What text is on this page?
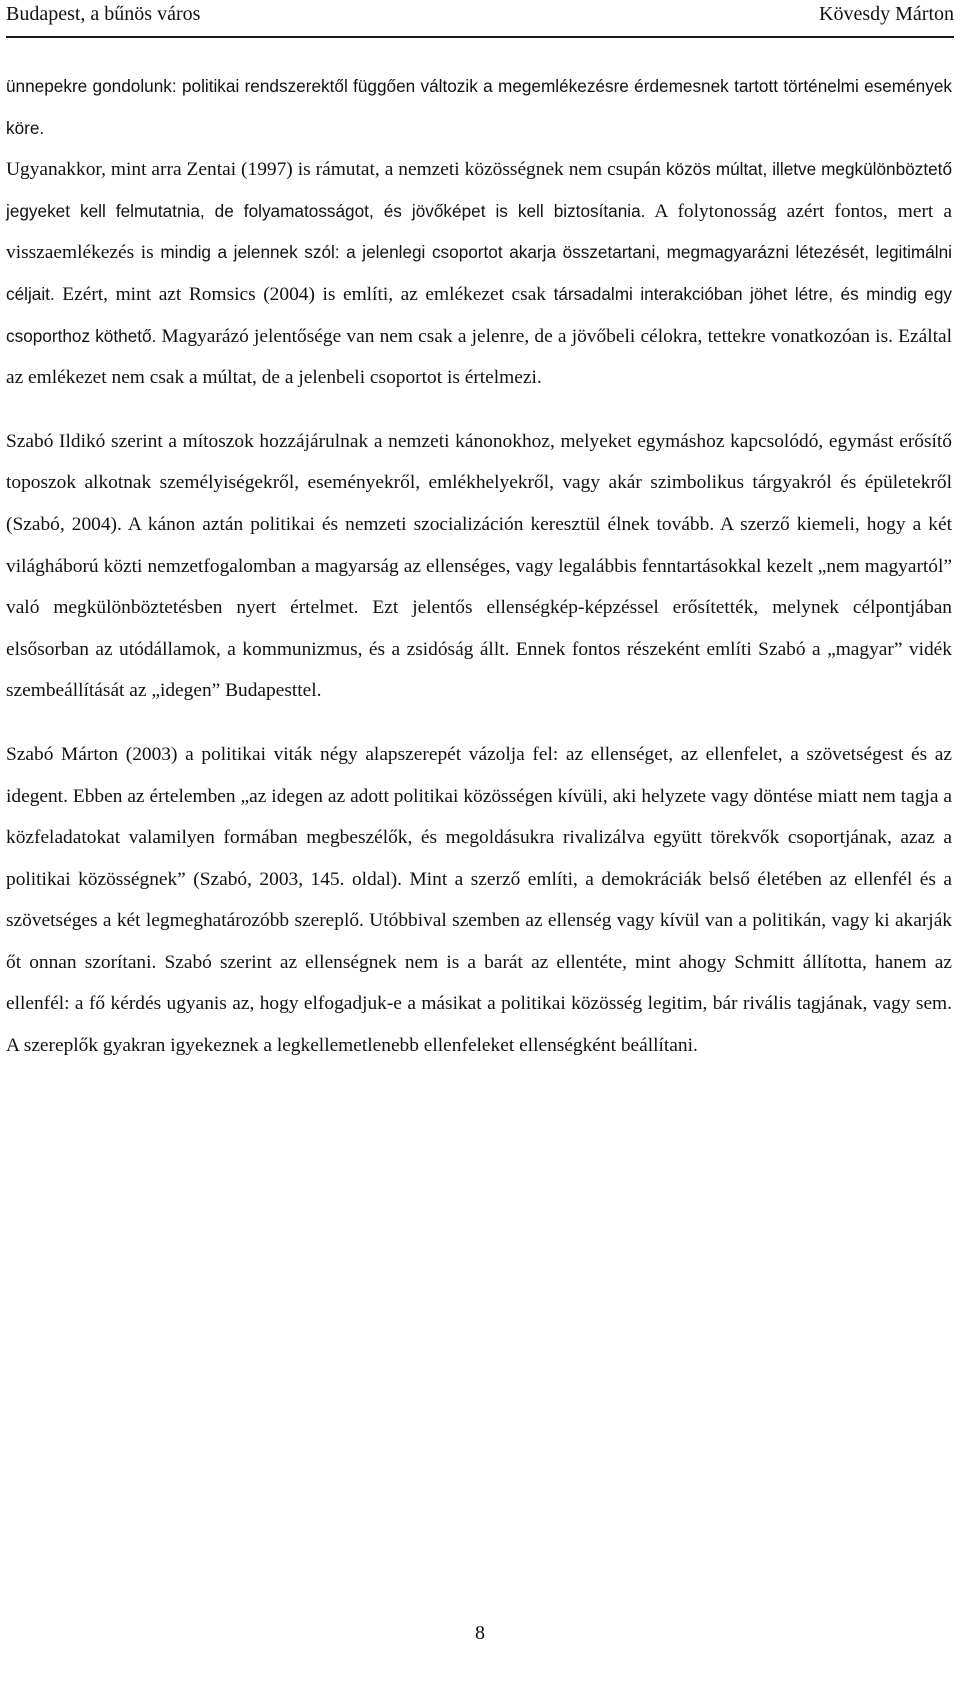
Budapest, a bűnös város	Kövesdy Márton

ünnepekre gondolunk: politikai rendszerektől függően változik a megemlékezésre érdemesnek tartott történelmi események köre.

Ugyanakkor, mint arra Zentai (1997) is rámutat, a nemzeti közösségnek nem csupán közös múltat, illetve megkülönböztető jegyeket kell felmutatnia, de folyamatosságot, és jövőképet is kell biztosítania. A folytonosság azért fontos, mert a visszaemlékezés is mindig a jelennek szól: a jelenlegi csoportot akarja összetartani, megmagyarázni létezését, legitimálni céljait. Ezért, mint azt Romsics (2004) is említi, az emlékezet csak társadalmi interakcióban jöhet létre, és mindig egy csoporthoz köthető. Magyarázó jelentősége van nem csak a jelenre, de a jövőbeli célokra, tettekre vonatkozóan is. Ezáltal az emlékezet nem csak a múltat, de a jelenbeli csoportot is értelmezi.

Szabó Ildikó szerint a mítoszok hozzájárulnak a nemzeti kánonokhoz, melyeket egymáshoz kapcsolódó, egymást erősítő toposzok alkotnak személyiségekről, eseményekről, emlékhelyekről, vagy akár szimbolikus tárgyakról és épületekről (Szabó, 2004). A kánon aztán politikai és nemzeti szocializáción keresztül élnek tovább. A szerző kiemeli, hogy a két világháború közti nemzetfogalomban a magyarság az ellenséges, vagy legalábbis fenntartásokkal kezelt „nem magyartól” való megkülönböztetésben nyert értelmet. Ezt jelentős ellenségkép-képzéssel erősítették, melynek célpontjában elsősorban az utódállamok, a kommunizmus, és a zsidóság állt. Ennek fontos részeként említi Szabó a „magyar” vidék szembeállítását az „idegen” Budapesttel.

Szabó Márton (2003) a politikai viták négy alapszerepét vázolja fel: az ellenséget, az ellenfelet, a szövetségest és az idegent. Ebben az értelemben „az idegen az adott politikai közösségen kívüli, aki helyzete vagy döntése miatt nem tagja a közfeladatokat valamilyen formában megbeszélők, és megoldásukra rivalizálva együtt törekvők csoportjának, azaz a politikai közösségnek” (Szabó, 2003, 145. oldal). Mint a szerző említi, a demokráciák belső életében az ellenfél és a szövetséges a két legmeghatározóbb szereplő. Utóbbival szemben az ellenség vagy kívül van a politikán, vagy ki akarják őt onnan szorítani. Szabó szerint az ellenségnek nem is a barát az ellentéte, mint ahogy Schmitt állította, hanem az ellenfél: a fő kérdés ugyanis az, hogy elfogadjuk-e a másikat a politikai közösség legitim, bár rivális tagjának, vagy sem. A szereplők gyakran igyekeznek a legkellemetlenebb ellenfeleket ellenségként beállítani.

8
